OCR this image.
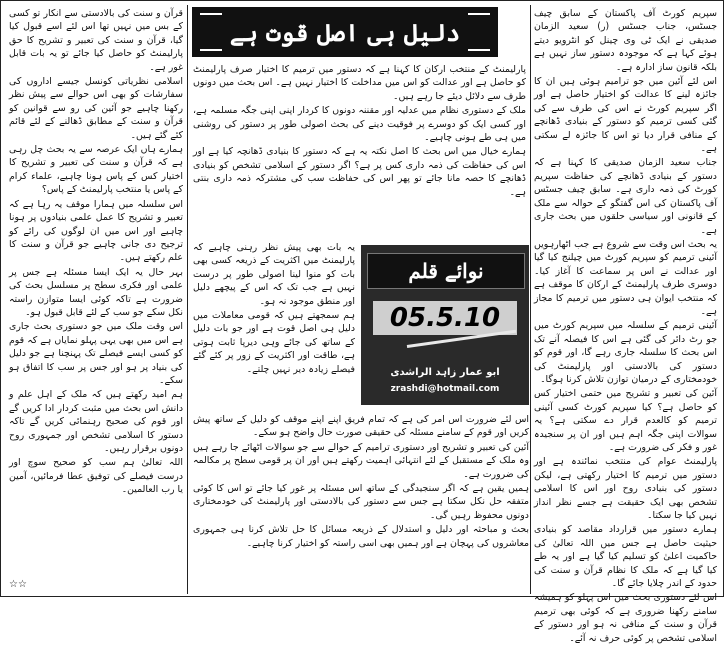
سپریم کورٹ آف پاکستان کے سابق چیف جسٹس، جناب جسٹس (ر) سعید الزمان صدیقی نے ایک ٹی وی چینل کو انٹرویو دیتے ہوئے کہا ہے کہ موجودہ دستور ساز نہیں ہے بلکہ قانون ساز ادارہ ہے۔

اس لئے آئین میں جو ترامیم ہوئی ہیں ان کا جائزہ لینے کا عدالت کو اختیار حاصل ہے اور اگر سپریم کورٹ نے اس کی طرف سے کی گئی کسی ترمیم کو دستور کے بنیادی ڈھانچے کے منافی قرار دیا تو اس کا جائزہ لے سکتی ہے۔

جناب سعید الزمان صدیقی کا کہنا ہے کہ دستور کے بنیادی ڈھانچے کی حفاظت سپریم کورٹ کی ذمہ داری ہے۔ سابق چیف جسٹس آف پاکستان کی اس گفتگو کے حوالہ سے ملک کے قانونی اور سیاسی حلقوں میں بحث جاری ہے۔

یہ بحث اس وقت سے شروع ہے جب اٹھارہویں آئینی ترمیم کو سپریم کورٹ میں چیلنج کیا گیا اور عدالت نے اس پر سماعت کا آغاز کیا۔ دوسری طرف پارلیمنٹ کے ارکان کا موقف ہے کہ منتخب ایوان ہی دستور میں ترمیم کا مجاز ہے۔

آئینی ترمیم کے سلسلہ میں سپریم کورٹ میں جو رٹ دائر کی گئی ہے اس کا فیصلہ آنے تک اس بحث کا سلسلہ جاری رہے گا، اور قوم کو دستور کی بالادستی اور پارلیمنٹ کی خودمختاری کے درمیان توازن تلاش کرنا ہوگا۔

آئین کی تعبیر و تشریح میں حتمی اختیار کس کو حاصل ہے؟ کیا سپریم کورٹ کسی آئینی ترمیم کو کالعدم قرار دے سکتی ہے؟ یہ سوالات اپنی جگہ اہم ہیں اور ان پر سنجیدہ غور و فکر کی ضرورت ہے۔

پارلیمنٹ عوام کی منتخب نمائندہ ہے اور دستور میں ترمیم کا اختیار رکھتی ہے، لیکن دستور کی بنیادی روح اور اس کا اسلامی تشخص بھی ایک حقیقت ہے جسے نظر انداز نہیں کیا جا سکتا۔

ہمارے دستور میں قرارداد مقاصد کو بنیادی حیثیت حاصل ہے جس میں اللہ تعالیٰ کی حاکمیت اعلیٰ کو تسلیم کیا گیا ہے اور یہ طے کیا گیا ہے کہ ملک کا نظام قرآن و سنت کی حدود کے اندر چلایا جائے گا۔

اس لئے دستوری بحث میں اس پہلو کو ہمیشہ سامنے رکھنا ضروری ہے کہ کوئی بھی ترمیم قرآن و سنت کے منافی نہ ہو اور دستور کے اسلامی تشخص پر کوئی حرف نہ آئے۔

دلیل ہی اصل قوت ہے

پارلیمنٹ کے منتخب ارکان کا کہنا ہے کہ دستور میں ترمیم کا اختیار صرف پارلیمنٹ کو حاصل ہے اور عدالت کو اس میں مداخلت کا اختیار نہیں ہے۔ اس بحث میں دونوں طرف سے دلائل دیئے جا رہے ہیں۔

ملک کے دستوری نظام میں عدلیہ اور مقننہ دونوں کا کردار اپنی اپنی جگہ مسلمہ ہے، اور کسی ایک کو دوسرے پر فوقیت دینے کی بحث اصولی طور پر دستور کی روشنی میں ہی طے ہونی چاہیے۔

ہمارے خیال میں اس بحث کا اصل نکتہ یہ ہے کہ دستور کا بنیادی ڈھانچہ کیا ہے اور اس کی حفاظت کی ذمہ داری کس پر ہے؟ اگر دستور کے اسلامی تشخص کو بنیادی ڈھانچے کا حصہ مانا جائے تو پھر اس کی حفاظت سب کی مشترکہ ذمہ داری بنتی ہے۔

یہ بات بھی پیش نظر رہنی چاہیے کہ پارلیمنٹ میں اکثریت کے ذریعہ کسی بھی بات کو منوا لینا اصولی طور پر درست نہیں ہے جب تک کہ اس کے پیچھے دلیل اور منطق موجود نہ ہو۔

ہم سمجھتے ہیں کہ قومی معاملات میں دلیل ہی اصل قوت ہے اور جو بات دلیل کے ساتھ کی جائے وہی دیرپا ثابت ہوتی ہے، طاقت اور اکثریت کے زور پر کئے گئے فیصلے زیادہ دیر نہیں چلتے۔

نوائے قلم
05.5.10
ابو عمار زاہد الراشدی
zrashdi@hotmail.com

اس لئے ضرورت اس امر کی ہے کہ تمام فریق اپنے اپنے موقف کو دلیل کے ساتھ پیش کریں اور قوم کے سامنے مسئلہ کی حقیقی صورت حال واضح ہو سکے۔

آئین کی تعبیر و تشریح اور دستوری ترامیم کے حوالے سے جو سوالات اٹھائے جا رہے ہیں وہ ملک کے مستقبل کے لئے انتہائی اہمیت رکھتے ہیں اور ان پر قومی سطح پر مکالمہ کی ضرورت ہے۔

ہمیں یقین ہے کہ اگر سنجیدگی کے ساتھ اس مسئلہ پر غور کیا جائے تو اس کا کوئی متفقہ حل نکل سکتا ہے جس سے دستور کی بالادستی اور پارلیمنٹ کی خودمختاری دونوں محفوظ رہیں گی۔

بحث و مباحثہ اور دلیل و استدلال کے ذریعہ مسائل کا حل تلاش کرنا ہی جمہوری معاشروں کی پہچان ہے اور ہمیں بھی اسی راستہ کو اختیار کرنا چاہیے۔

قرآن و سنت کی بالادستی سے انکار تو کسی کے بس میں نہیں تھا اس لئے اسے قبول کیا گیا، قرآن و سنت کی تعبیر و تشریح کا حق پارلیمنٹ کو حاصل کیا جائے تو یہ بات قابل غور ہے۔

اسلامی نظریاتی کونسل جیسے اداروں کی سفارشات کو بھی اس حوالے سے پیش نظر رکھنا چاہیے جو آئین کی رو سے قوانین کو قرآن و سنت کے مطابق ڈھالنے کے لئے قائم کئے گئے ہیں۔

ہمارے ہاں ایک عرصہ سے یہ بحث چل رہی ہے کہ قرآن و سنت کی تعبیر و تشریح کا اختیار کس کے پاس ہونا چاہیے، علماء کرام کے پاس یا منتخب پارلیمنٹ کے پاس؟

اس سلسلہ میں ہمارا موقف یہ رہا ہے کہ تعبیر و تشریح کا عمل علمی بنیادوں پر ہونا چاہیے اور اس میں ان لوگوں کی رائے کو ترجیح دی جانی چاہیے جو قرآن و سنت کا علم رکھتے ہیں۔

بہر حال یہ ایک ایسا مسئلہ ہے جس پر علمی اور فکری سطح پر مسلسل بحث کی ضرورت ہے تاکہ کوئی ایسا متوازن راستہ نکل سکے جو سب کے لئے قابل قبول ہو۔

اس وقت ملک میں جو دستوری بحث جاری ہے اس میں بھی یہی پہلو نمایاں ہے کہ قوم کو کسی ایسے فیصلے تک پہنچنا ہے جو دلیل کی بنیاد پر ہو اور جس پر سب کا اتفاق ہو سکے۔

ہم امید رکھتے ہیں کہ ملک کے اہل علم و دانش اس بحث میں مثبت کردار ادا کریں گے اور قوم کی صحیح رہنمائی کریں گے تاکہ دستور کا اسلامی تشخص اور جمہوری روح دونوں برقرار رہیں۔

اللہ تعالیٰ ہم سب کو صحیح سوچ اور درست فیصلے کی توفیق عطا فرمائیں، آمین یا رب العالمین۔

☆☆
